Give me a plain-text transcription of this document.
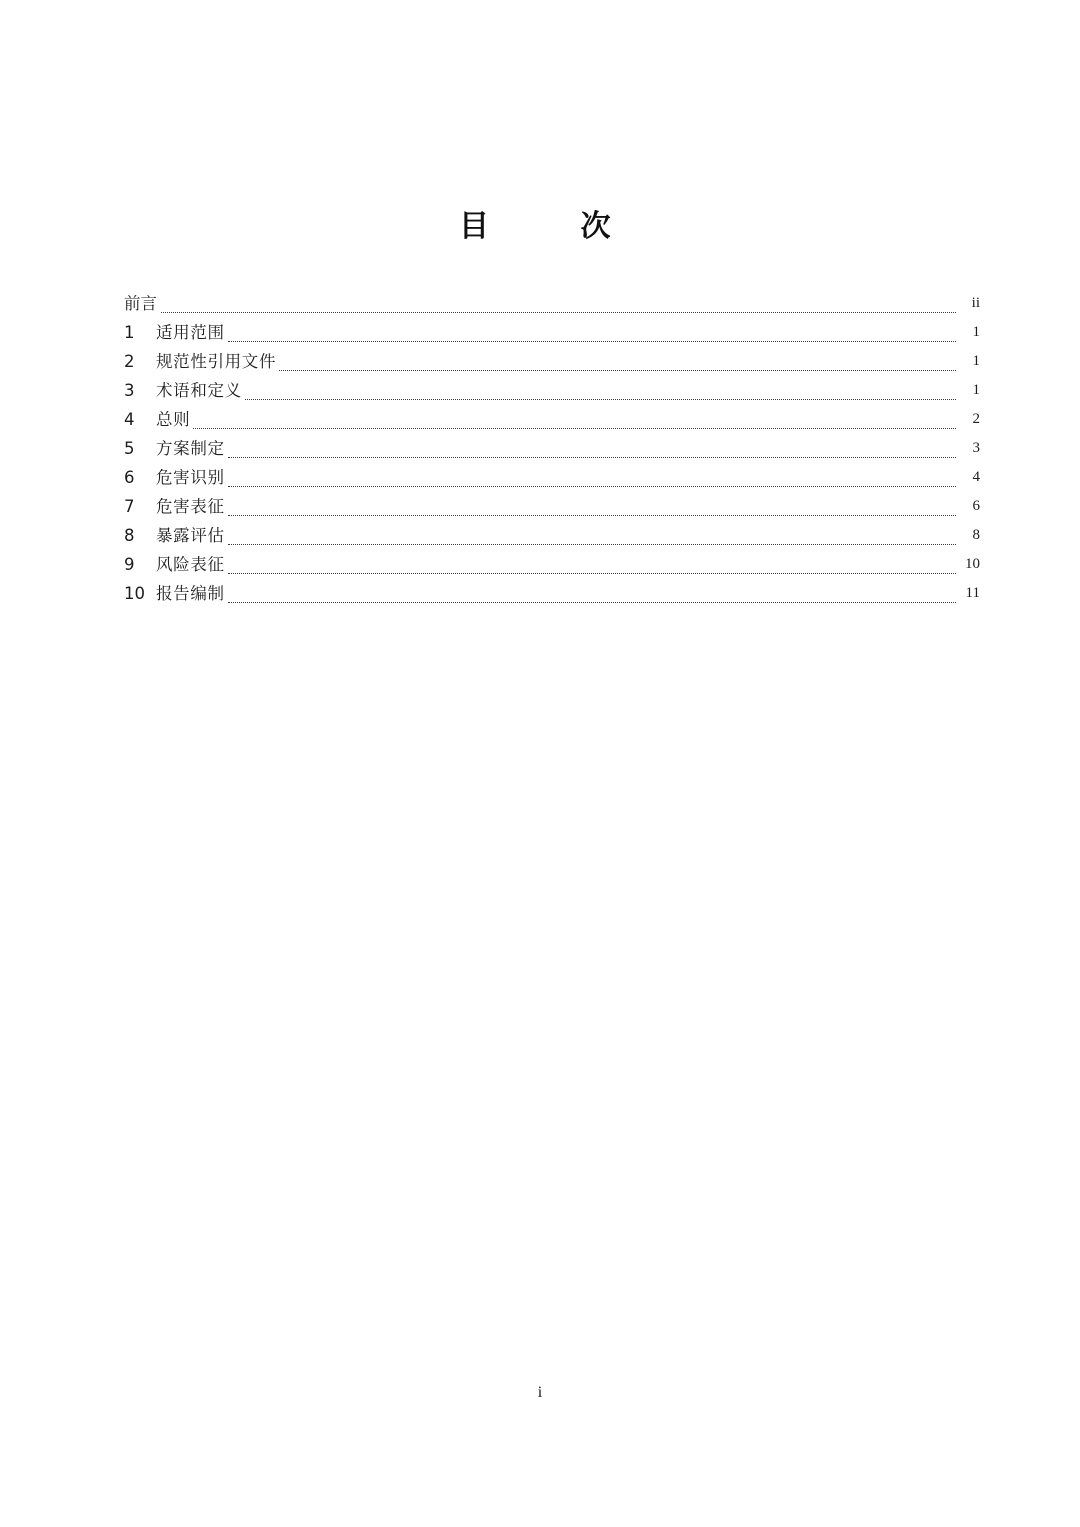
目　　次
前 言	ii
1	适用范围	1
2	规范性引用文件	1
3	术语和定义	1
4	总则	2
5	方案制定	3
6	危害识别	4
7	危害表征	6
8	暴露评估	8
9	风险表征	10
10 报告编制	11
i
